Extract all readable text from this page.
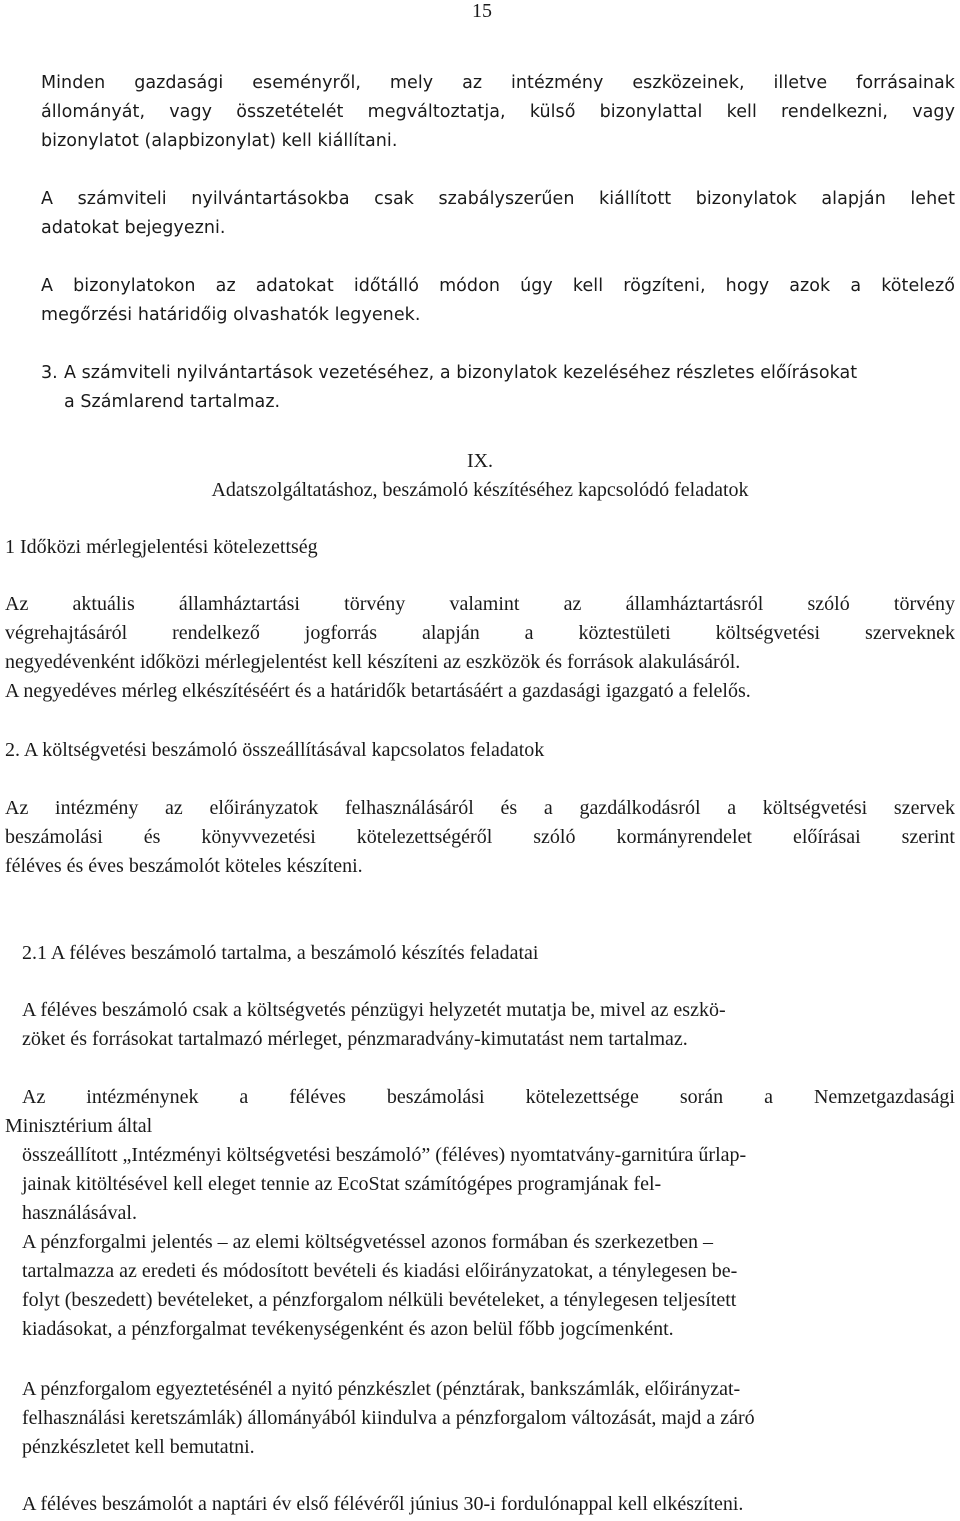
15
Minden gazdasági eseményről, mely az intézmény eszközeinek, illetve forrásainak
állományát, vagy összetételét megváltoztatja, külső bizonylattal kell rendelkezni, vagy
bizonylatot (alapbizonylat) kell kiállítani.
A számviteli nyilvántartásokba csak szabályszerűen kiállított bizonylatok alapján lehet
adatokat bejegyezni.
A bizonylatokon az adatokat időtálló módon úgy kell rögzíteni, hogy azok a kötelező
megőrzési határidőig olvashatók legyenek.
3. A számviteli nyilvántartások vezetéséhez, a bizonylatok kezeléséhez részletes előírásokat
a Számlarend tartalmaz.
IX.
Adatszolgáltatáshoz, beszámoló készítéséhez kapcsolódó feladatok
1 Időközi mérlegjelentési kötelezettség
Az aktuális államháztartási törvény valamint az államháztartásról szóló törvény
végrehajtásáról rendelkező jogforrás alapján a köztestületi költségvetési szerveknek
negyedévenként időközi mérlegjelentést kell készíteni az eszközök és források alakulásáról.
A negyedéves mérleg elkészítéséért és a határidők betartásáért a gazdasági igazgató a felelős.
2. A költségvetési beszámoló összeállításával kapcsolatos feladatok
Az intézmény az előirányzatok felhasználásáról és a gazdálkodásról a költségvetési szervek
beszámolási és könyvvezetési kötelezettségéről szóló kormányrendelet előírásai szerint
féléves és éves beszámolót köteles készíteni.
2.1 A féléves beszámoló tartalma, a beszámoló készítés feladatai
A féléves beszámoló csak a költségvetés pénzügyi helyzetét mutatja be, mivel az eszkö-
zöket és forrásokat tartalmazó mérleget, pénzmaradvány-kimutatást nem tartalmaz.
Az intézménynek a féléves beszámolási kötelezettsége során a Nemzetgazdasági
Minisztérium által
összeállított „Intézményi költségvetési beszámoló” (féléves) nyomtatvány-garnitúra űrlap-
jainak kitöltésével kell eleget tennie az EcoStat számítógépes programjának fel-
használásával.
A pénzforgalmi jelentés – az elemi költségvetéssel azonos formában és szerkezetben –
tartalmazza az eredeti és módosított bevételi és kiadási előirányzatokat, a ténylegesen be-
folyt (beszedett) bevételeket, a pénzforgalom nélküli bevételeket, a ténylegesen teljesített
kiadásokat, a pénzforgalmat tevékenységenként és azon belül főbb jogcímenként.
A pénzforgalom egyeztetésénél a nyitó pénzkészlet (pénztárak, bankszámlák, előirányzat-
felhasználási keretszámlák) állományából kiindulva a pénzforgalom változását, majd a záró
pénzkészletet kell bemutatni.
A féléves beszámolót a naptári év első félévéről június 30-i fordulónappal kell elkészíteni.
